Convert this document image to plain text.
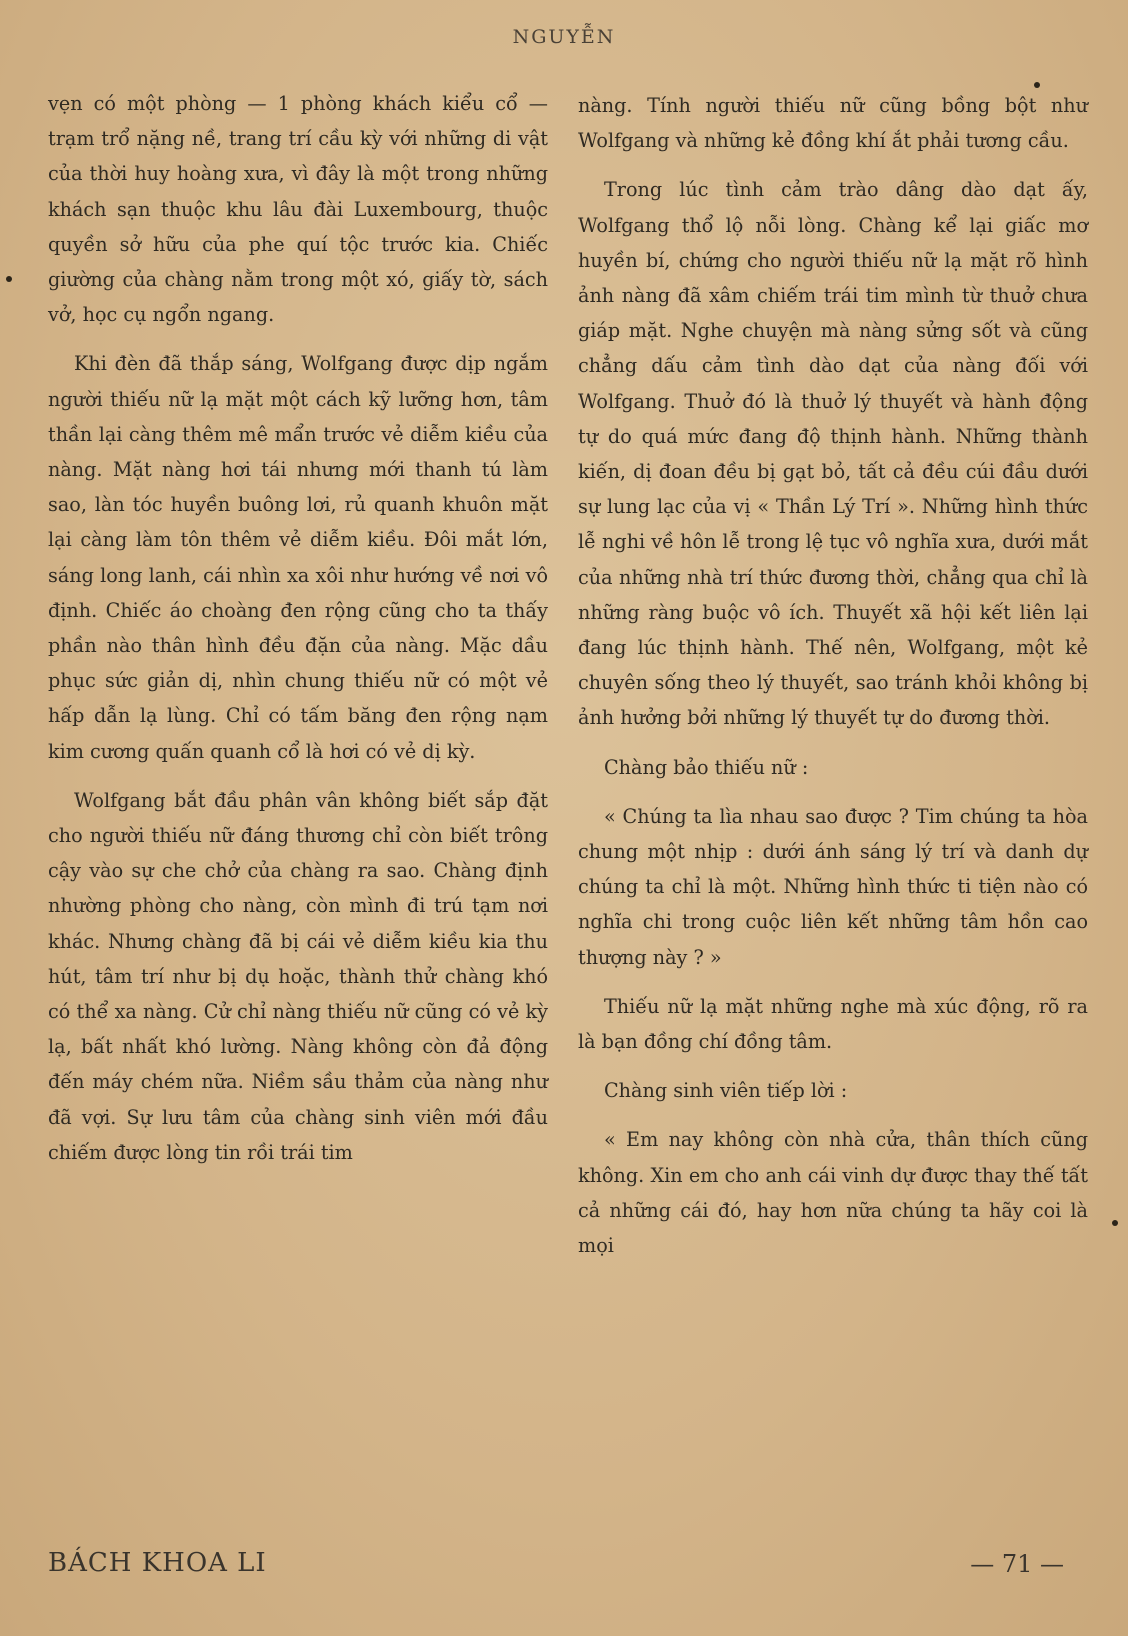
NGUYỄN

vẹn có một phòng — 1 phòng khách kiểu cổ — trạm trổ nặng nề, trang trí cầu kỳ với những di vật của thời huy hoàng xưa, vì đây là một trong những khách sạn thuộc khu lâu đài Luxembourg, thuộc quyền sở hữu của phe quí tộc trước kia. Chiếc giường của chàng nằm trong một xó, giấy tờ, sách vở, học cụ ngổn ngang.

Khi đèn đã thắp sáng, Wolfgang được dịp ngắm người thiếu nữ lạ mặt một cách kỹ lưỡng hơn, tâm thần lại càng thêm mê mẩn trước vẻ diễm kiều của nàng. Mặt nàng hơi tái nhưng mới thanh tú làm sao, làn tóc huyền buông lơi, rủ quanh khuôn mặt lại càng làm tôn thêm vẻ diễm kiều. Đôi mắt lớn, sáng long lanh, cái nhìn xa xôi như hướng về nơi vô định. Chiếc áo choàng đen rộng cũng cho ta thấy phần nào thân hình đều đặn của nàng. Mặc dầu phục sức giản dị, nhìn chung thiếu nữ có một vẻ hấp dẫn lạ lùng. Chỉ có tấm băng đen rộng nạm kim cương quấn quanh cổ là hơi có vẻ dị kỳ.

Wolfgang bắt đầu phân vân không biết sắp đặt cho người thiếu nữ đáng thương chỉ còn biết trông cậy vào sự che chở của chàng ra sao. Chàng định nhường phòng cho nàng, còn mình đi trú tạm nơi khác. Nhưng chàng đã bị cái vẻ diễm kiều kia thu hút, tâm trí như bị dụ hoặc, thành thử chàng khó có thể xa nàng. Cử chỉ nàng thiếu nữ cũng có vẻ kỳ lạ, bất nhất khó lường. Nàng không còn đả động đến máy chém nữa. Niềm sầu thảm của nàng như đã vợi. Sự lưu tâm của chàng sinh viên mới đầu chiếm được lòng tin rồi trái tim

nàng. Tính người thiếu nữ cũng bồng bột như Wolfgang và những kẻ đồng khí ắt phải tương cầu.

Trong lúc tình cảm trào dâng dào dạt ấy, Wolfgang thổ lộ nỗi lòng. Chàng kể lại giấc mơ huyền bí, chứng cho người thiếu nữ lạ mặt rõ hình ảnh nàng đã xâm chiếm trái tim mình từ thuở chưa giáp mặt. Nghe chuyện mà nàng sửng sốt và cũng chẳng dấu cảm tình dào dạt của nàng đối với Wolfgang. Thuở đó là thuở lý thuyết và hành động tự do quá mức đang độ thịnh hành. Những thành kiến, dị đoan đều bị gạt bỏ, tất cả đều cúi đầu dưới sự lung lạc của vị « Thần Lý Trí ». Những hình thức lễ nghi về hôn lễ trong lệ tục vô nghĩa xưa, dưới mắt của những nhà trí thức đương thời, chẳng qua chỉ là những ràng buộc vô ích. Thuyết xã hội kết liên lại đang lúc thịnh hành. Thế nên, Wolfgang, một kẻ chuyên sống theo lý thuyết, sao tránh khỏi không bị ảnh hưởng bởi những lý thuyết tự do đương thời.

Chàng bảo thiếu nữ :

« Chúng ta lìa nhau sao được ? Tim chúng ta hòa chung một nhịp : dưới ánh sáng lý trí và danh dự chúng ta chỉ là một. Những hình thức ti tiện nào có nghĩa chi trong cuộc liên kết những tâm hồn cao thượng này ? »

Thiếu nữ lạ mặt những nghe mà xúc động, rõ ra là bạn đồng chí đồng tâm.

Chàng sinh viên tiếp lời :

« Em nay không còn nhà cửa, thân thích cũng không. Xin em cho anh cái vinh dự được thay thế tất cả những cái đó, hay hơn nữa chúng ta hãy coi là mọi

BÁCH KHOA LI	— 71 —
